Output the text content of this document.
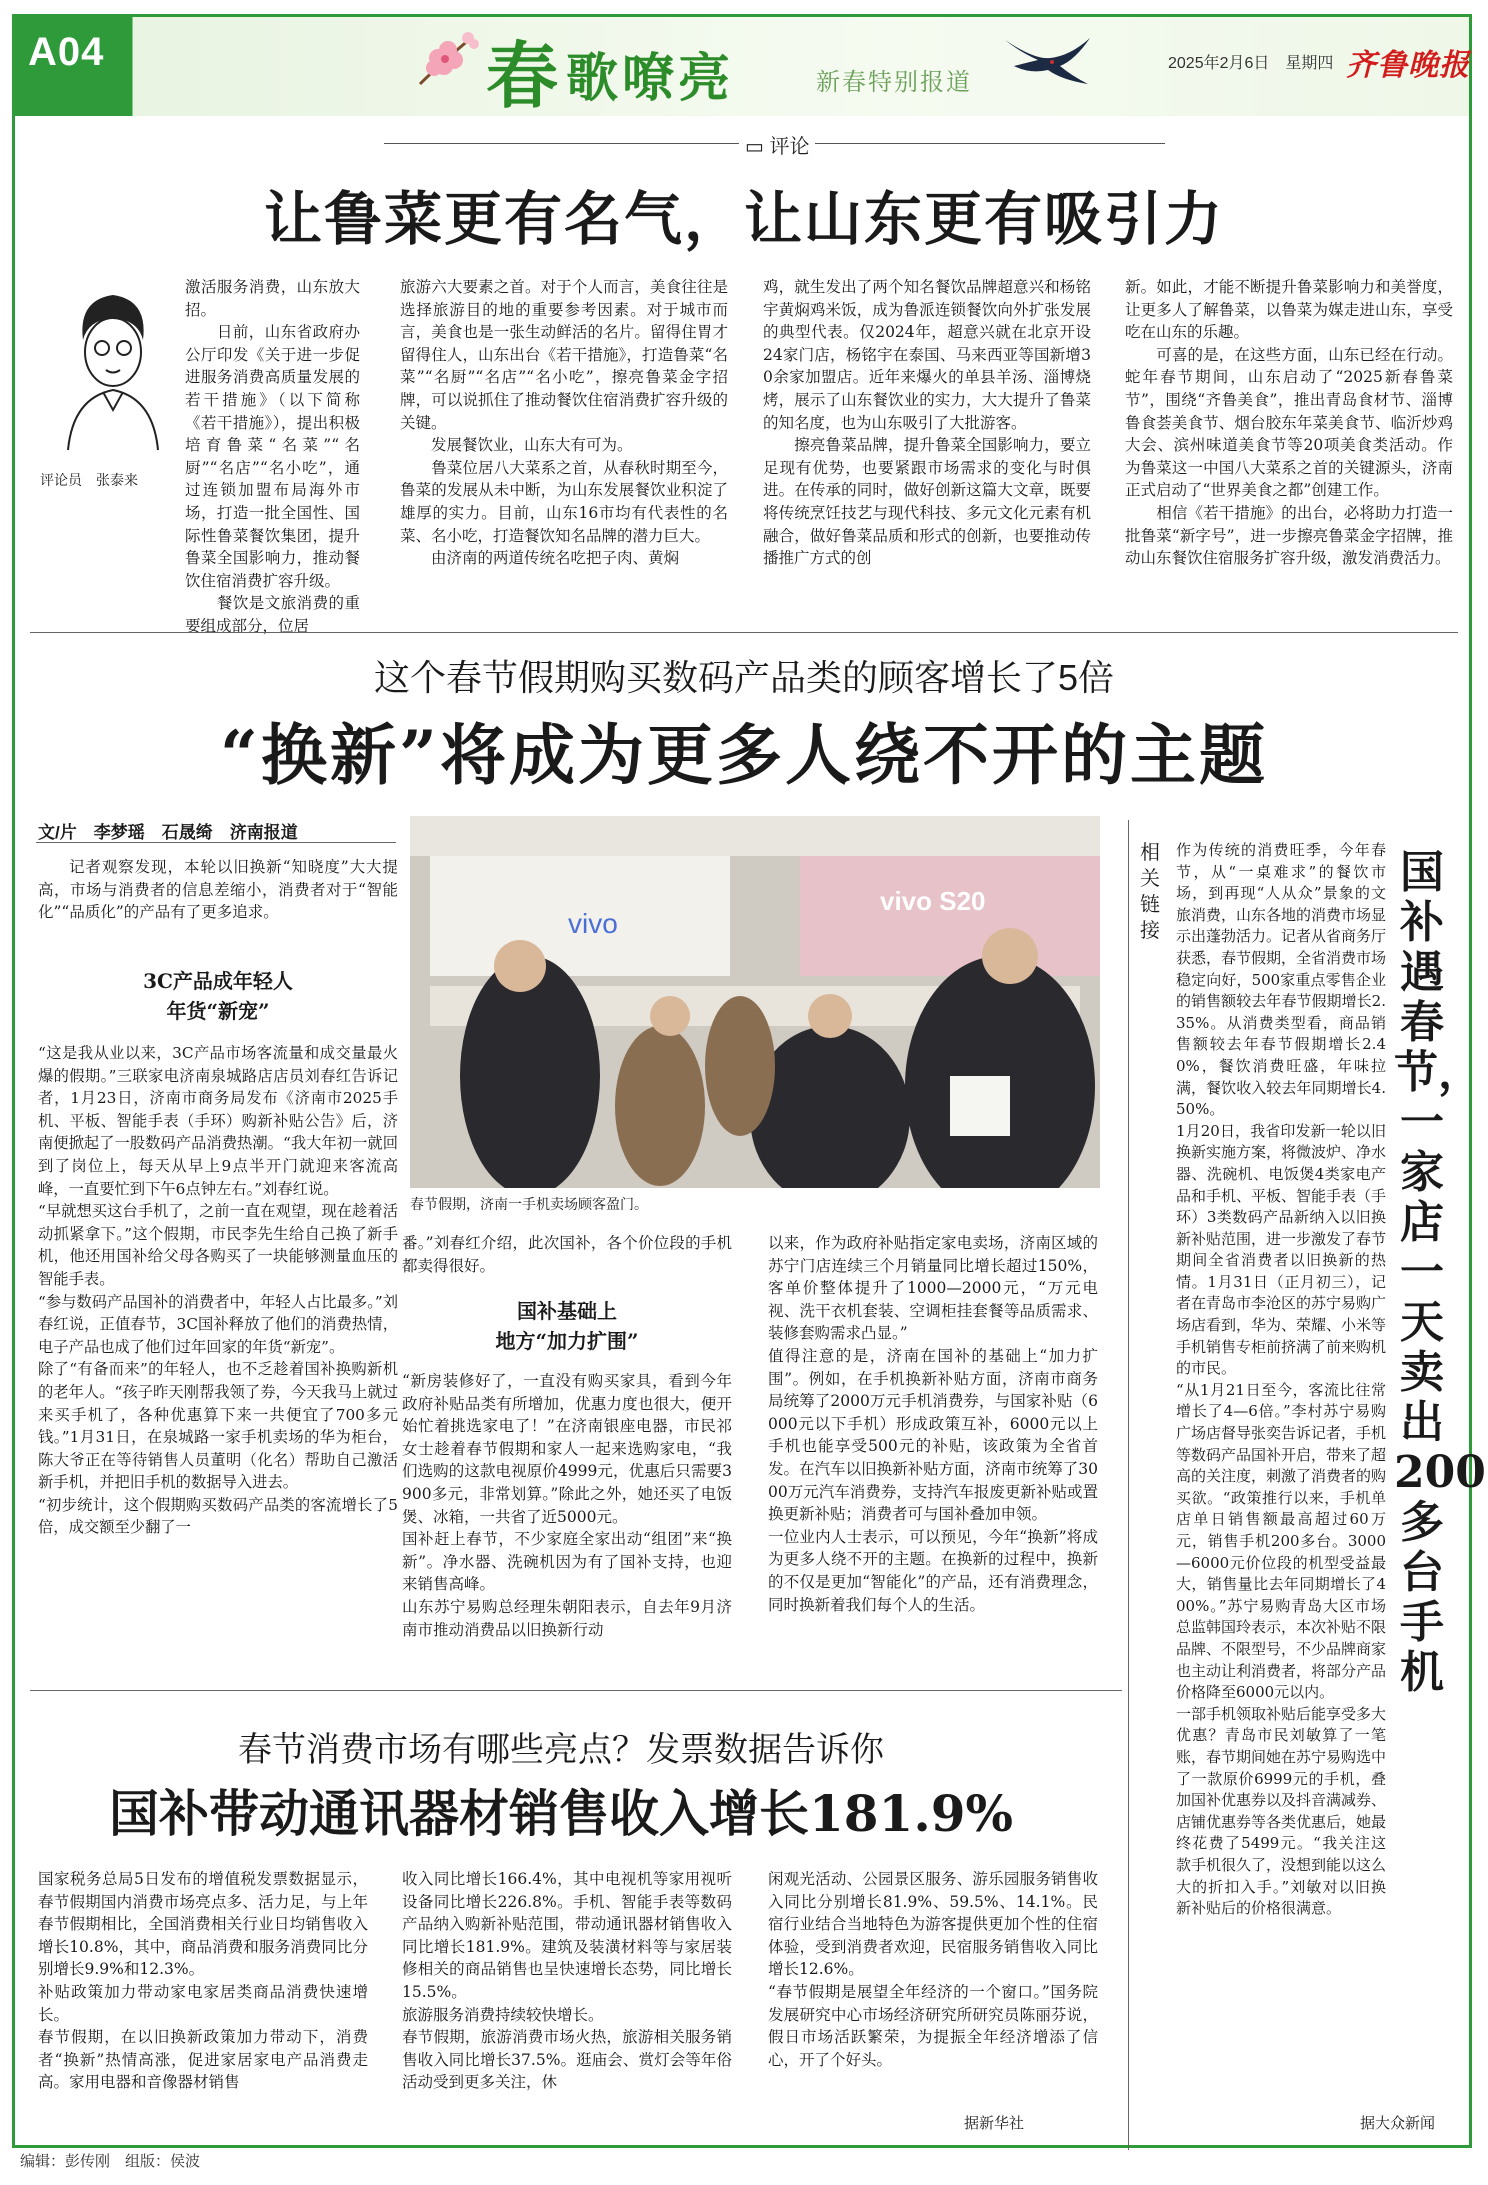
A04	春 歌嘹亮	新春特别报道
2025年2月6日　星期四 齐鲁晚报
▭ 评论
让鲁菜更有名气，让山东更有吸引力
评论员　张泰来
激活服务消费，山东放大招。
　　日前，山东省政府办公厅印发《关于进一步促进服务消费高质量发展的若干措施》（以下简称《若干措施》），提出积极培育鲁菜“名菜”“名厨”“名店”“名小吃”，通过连锁加盟布局海外市场，打造一批全国性、国际性鲁菜餐饮集团，提升鲁菜全国影响力，推动餐饮住宿消费扩容升级。
　　餐饮是文旅消费的重要组成部分，位居
旅游六大要素之首。对于个人而言，美食往往是选择旅游目的地的重要参考因素。对于城市而言，美食也是一张生动鲜活的名片。留得住胃才留得住人，山东出台《若干措施》，打造鲁菜“名菜”“名厨”“名店”“名小吃”，擦亮鲁菜金字招牌，可以说抓住了推动餐饮住宿消费扩容升级的关键。
　　发展餐饮业，山东大有可为。
　　鲁菜位居八大菜系之首，从春秋时期至今，鲁菜的发展从未中断，为山东发展餐饮业积淀了雄厚的实力。目前，山东16市均有代表性的名菜、名小吃，打造餐饮知名品牌的潜力巨大。
　　由济南的两道传统名吃把子肉、黄焖
鸡，就生发出了两个知名餐饮品牌超意兴和杨铭宇黄焖鸡米饭，成为鲁派连锁餐饮向外扩张发展的典型代表。仅2024年，超意兴就在北京开设24家门店，杨铭宇在泰国、马来西亚等国新增30余家加盟店。近年来爆火的单县羊汤、淄博烧烤，展示了山东餐饮业的实力，大大提升了鲁菜的知名度，也为山东吸引了大批游客。
　　擦亮鲁菜品牌，提升鲁菜全国影响力，要立足现有优势，也要紧跟市场需求的变化与时俱进。在传承的同时，做好创新这篇大文章，既要将传统烹饪技艺与现代科技、多元文化元素有机融合，做好鲁菜品质和形式的创新，也要推动传播推广方式的创
新。如此，才能不断提升鲁菜影响力和美誉度，让更多人了解鲁菜，以鲁菜为媒走进山东，享受吃在山东的乐趣。
　　可喜的是，在这些方面，山东已经在行动。蛇年春节期间，山东启动了“2025新春鲁菜节”，围绕“齐鲁美食”，推出青岛食材节、淄博鲁食荟美食节、烟台胶东年菜美食节、临沂炒鸡大会、滨州味道美食节等20项美食类活动。作为鲁菜这一中国八大菜系之首的关键源头，济南正式启动了“世界美食之都”创建工作。
　　相信《若干措施》的出台，必将助力打造一批鲁菜“新字号”，进一步擦亮鲁菜金字招牌，推动山东餐饮住宿服务扩容升级，激发消费活力。
这个春节假期购买数码产品类的顾客增长了5倍
“换新”将成为更多人绕不开的主题
文/片　李梦瑶　石晟绮　济南报道
vivo
vivo S20
春节假期，济南一手机卖场顾客盈门。

记者观察发现，本轮以旧换新“知晓度”大大提高，市场与消费者的信息差缩小，消费者对于“智能化”“品质化”的产品有了更多追求。

3C产品成年轻人
年货“新宠”
“这是我从业以来，3C产品市场客流量和成交量最火爆的假期。”三联家电济南泉城路店店员刘春红告诉记者，1月23日，济南市商务局发布《济南市2025手机、平板、智能手表（手环）购新补贴公告》后，济南便掀起了一股数码产品消费热潮。“我大年初一就回到了岗位上，每天从早上9点半开门就迎来客流高峰，一直要忙到下午6点钟左右。”刘春红说。
“早就想买这台手机了，之前一直在观望，现在趁着活动抓紧拿下。”这个假期，市民李先生给自己换了新手机，他还用国补给父母各购买了一块能够测量血压的智能手表。
“参与数码产品国补的消费者中，年轻人占比最多。”刘春红说，正值春节，3C国补释放了他们的消费热情，电子产品也成了他们过年回家的年货“新宠”。
除了“有备而来”的年轻人，也不乏趁着国补换购新机的老年人。“孩子昨天刚帮我领了券，今天我马上就过来买手机了，各种优惠算下来一共便宜了700多元钱。”1月31日，在泉城路一家手机卖场的华为柜台，陈大爷正在等待销售人员董明（化名）帮助自己激活新手机，并把旧手机的数据导入进去。
“初步统计，这个假期购买数码产品类的客流增长了5倍，成交额至少翻了一
番。”刘春红介绍，此次国补，各个价位段的手机都卖得很好。
国补基础上
地方“加力扩围”
“新房装修好了，一直没有购买家具，看到今年政府补贴品类有所增加，优惠力度也很大，便开始忙着挑选家电了！”在济南银座电器，市民祁女士趁着春节假期和家人一起来选购家电，“我们选购的这款电视原价4999元，优惠后只需要3900多元，非常划算。”除此之外，她还买了电饭煲、冰箱，一共省了近5000元。
国补赶上春节，不少家庭全家出动“组团”来“换新”。净水器、洗碗机因为有了国补支持，也迎来销售高峰。
山东苏宁易购总经理朱朝阳表示，自去年9月济南市推动消费品以旧换新行动
以来，作为政府补贴指定家电卖场，济南区域的苏宁门店连续三个月销量同比增长超过150%，客单价整体提升了1000—2000元，“万元电视、洗干衣机套装、空调柜挂套餐等品质需求、装修套购需求凸显。”
值得注意的是，济南在国补的基础上“加力扩围”。例如，在手机换新补贴方面，济南市商务局统筹了2000万元手机消费券，与国家补贴（6000元以下手机）形成政策互补，6000元以上手机也能享受500元的补贴，该政策为全省首发。在汽车以旧换新补贴方面，济南市统筹了3000万元汽车消费券，支持汽车报废更新补贴或置换更新补贴；消费者可与国补叠加申领。
一位业内人士表示，可以预见，今年“换新”将成为更多人绕不开的主题。在换新的过程中，换新的不仅是更加“智能化”的产品，还有消费理念，同时换新着我们每个人的生活。
相关链接
国补遇春节，一家店一天卖出200多台手机
作为传统的消费旺季，今年春节，从“一桌难求”的餐饮市场，到再现“人从众”景象的文旅消费，山东各地的消费市场显示出蓬勃活力。记者从省商务厅获悉，春节假期，全省消费市场稳定向好，500家重点零售企业的销售额较去年春节假期增长2.35%。从消费类型看，商品销售额较去年春节假期增长2.40%，餐饮消费旺盛，年味拉满，餐饮收入较去年同期增长4.50%。
1月20日，我省印发新一轮以旧换新实施方案，将微波炉、净水器、洗碗机、电饭煲4类家电产品和手机、平板、智能手表（手环）3类数码产品新纳入以旧换新补贴范围，进一步激发了春节期间全省消费者以旧换新的热情。1月31日（正月初三），记者在青岛市李沧区的苏宁易购广场店看到，华为、荣耀、小米等手机销售专柜前挤满了前来购机的市民。
“从1月21日至今，客流比往常增长了4—6倍。”李村苏宁易购广场店督导张奕告诉记者，手机等数码产品国补开启，带来了超高的关注度，刺激了消费者的购买欲。“政策推行以来，手机单店单日销售额最高超过60万元，销售手机200多台。3000—6000元价位段的机型受益最大，销售量比去年同期增长了400%。”苏宁易购青岛大区市场总监韩国玲表示，本次补贴不限品牌、不限型号，不少品牌商家也主动让利消费者，将部分产品价格降至6000元以内。
一部手机领取补贴后能享受多大优惠？青岛市民刘敏算了一笔账，春节期间她在苏宁易购选中了一款原价6999元的手机，叠加国补优惠券以及抖音满减券、店铺优惠券等各类优惠后，她最终花费了5499元。“我关注这款手机很久了，没想到能以这么大的折扣入手。”刘敏对以旧换新补贴后的价格很满意。
据大众新闻
春节消费市场有哪些亮点？发票数据告诉你
国补带动通讯器材销售收入增长181.9%
国家税务总局5日发布的增值税发票数据显示，春节假期国内消费市场亮点多、活力足，与上年春节假期相比，全国消费相关行业日均销售收入增长10.8%，其中，商品消费和服务消费同比分别增长9.9%和12.3%。
补贴政策加力带动家电家居类商品消费快速增长。
春节假期，在以旧换新政策加力带动下，消费者“换新”热情高涨，促进家居家电产品消费走高。家用电器和音像器材销售
收入同比增长166.4%，其中电视机等家用视听设备同比增长226.8%。手机、智能手表等数码产品纳入购新补贴范围，带动通讯器材销售收入同比增长181.9%。建筑及装潢材料等与家居装修相关的商品销售也呈快速增长态势，同比增长15.5%。
旅游服务消费持续较快增长。
春节假期，旅游消费市场火热，旅游相关服务销售收入同比增长37.5%。逛庙会、赏灯会等年俗活动受到更多关注，休
闲观光活动、公园景区服务、游乐园服务销售收入同比分别增长81.9%、59.5%、14.1%。民宿行业结合当地特色为游客提供更加个性的住宿体验，受到消费者欢迎，民宿服务销售收入同比增长12.6%。
“春节假期是展望全年经济的一个窗口。”国务院发展研究中心市场经济研究所研究员陈丽芬说，假日市场活跃繁荣，为提振全年经济增添了信心，开了个好头。
据新华社
编辑：彭传刚　组版：侯波
